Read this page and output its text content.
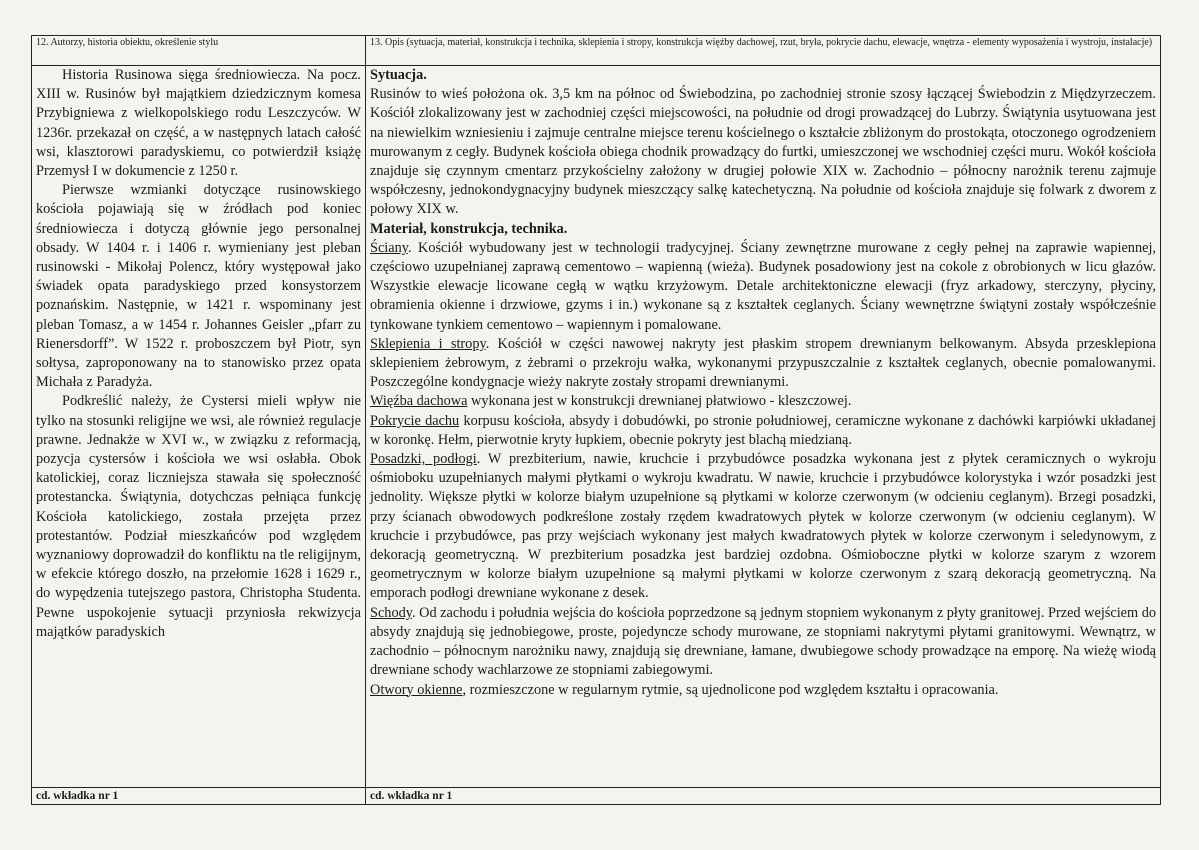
12. Autorzy, historia obiektu, określenie stylu

Historia Rusinowa sięga średniowiecza. Na pocz. XIII w. Rusinów był majątkiem dziedzicznym komesa Przybigniewa z wielkopolskiego rodu Leszczyców. W 1236r. przekazał on część, a w następnych latach całość wsi, klasztorowi paradyskiemu, co potwierdził książę Przemysł I w dokumencie z 1250 r.

Pierwsze wzmianki dotyczące rusinowskiego kościoła pojawiają się w źródłach pod koniec średniowiecza i dotyczą głównie jego personalnej obsady. W 1404 r. i 1406 r. wymieniany jest pleban rusinowski - Mikołaj Polencz, który występował jako świadek opata paradyskiego przed konsystorzem poznańskim. Następnie, w 1421 r. wspominany jest pleban Tomasz, a w 1454 r. Johannes Geisler „pfarr zu Rienersdorff”. W 1522 r. proboszczem był Piotr, syn sołtysa, zaproponowany na to stanowisko przez opata Michała z Paradyża.

Podkreślić należy, że Cystersi mieli wpływ nie tylko na stosunki religijne we wsi, ale również regulacje prawne. Jednakże w XVI w., w związku z reformacją, pozycja cystersów i kościoła we wsi osłabła. Obok katolickiej, coraz liczniejsza stawała się społeczność protestancka. Świątynia, dotychczas pełniąca funkcję Kościoła katolickiego, została przejęta przez protestantów. Podział mieszkańców pod względem wyznaniowy doprowadził do konfliktu na tle religijnym, w efekcie którego doszło, na przełomie 1628 i 1629 r., do wypędzenia tutejszego pastora, Christopha Studenta. Pewne uspokojenie sytuacji przyniosła rekwizycja majątków paradyskich

cd. wkładka nr 1
13. Opis (sytuacja, materiał, konstrukcja i technika, sklepienia i stropy, konstrukcja więźby dachowej, rzut, bryła, pokrycie dachu, elewacje, wnętrza - elementy wyposażenia i wystroju, instalacje)

Sytuacja.

Rusinów to wieś położona ok. 3,5 km na północ od Świebodzina, po zachodniej stronie szosy łączącej Świebodzin z Międzyrzeczem. Kościół zlokalizowany jest w zachodniej części miejscowości, na południe od drogi prowadzącej do Lubrzy. Świątynia usytuowana jest na niewielkim wzniesieniu i zajmuje centralne miejsce terenu kościelnego o kształcie zbliżonym do prostokąta, otoczonego ogrodzeniem murowanym z cegły. Budynek kościoła obiega chodnik prowadzący do furtki, umieszczonej we wschodniej części muru. Wokół kościoła znajduje się czynnym cmentarz przykościelny założony w drugiej połowie XIX w. Zachodnio – północny narożnik terenu zajmuje współczesny, jednokondygnacyjny budynek mieszczący salkę katechetyczną. Na południe od kościoła znajduje się folwark z dworem z połowy XIX w.

Materiał, konstrukcja, technika.

Ściany. Kościół wybudowany jest w technologii tradycyjnej. Ściany zewnętrzne murowane z cegły pełnej na zaprawie wapiennej, częściowo uzupełnianej zaprawą cementowo – wapienną (wieża). Budynek posadowiony jest na cokole z obrobionych w licu głazów. Wszystkie elewacje licowane cegłą w wątku krzyżowym. Detale architektoniczne elewacji (fryz arkadowy, sterczyny, płyciny, obramienia okienne i drzwiowe, gzyms i in.) wykonane są z kształtek ceglanych. Ściany wewnętrzne świątyni zostały współcześnie tynkowane tynkiem cementowo – wapiennym i pomalowane.

Sklepienia i stropy. Kościół w części nawowej nakryty jest płaskim stropem drewnianym belkowanym. Absyda przesklepiona sklepieniem żebrowym, z żebrami o przekroju wałka, wykonanymi przypuszczalnie z kształtek ceglanych, obecnie pomalowanymi. Poszczególne kondygnacje wieży nakryte zostały stropami drewnianymi.

Więźba dachowa wykonana jest w konstrukcji drewnianej płatwiowo - kleszczowej.

Pokrycie dachu korpusu kościoła, absydy i dobudówki, po stronie południowej, ceramiczne wykonane z dachówki karpiówki układanej w koronkę. Hełm, pierwotnie kryty łupkiem, obecnie pokryty jest blachą miedzianą.

Posadzki, podłogi. W prezbiterium, nawie, kruchcie i przybudówce posadzka wykonana jest z płytek ceramicznych o wykroju ośmioboku uzupełnianych małymi płytkami o wykroju kwadratu. W nawie, kruchcie i przybudówce kolorystyka i wzór posadzki jest jednolity. Większe płytki w kolorze białym uzupełnione są płytkami w kolorze czerwonym (w odcieniu ceglanym). Brzegi posadzki, przy ścianach obwodowych podkreślone zostały rzędem kwadratowych płytek w kolorze czerwonym (w odcieniu ceglanym). W kruchcie i przybudówce, pas przy wejściach wykonany jest małych kwadratowych płytek w kolorze czerwonym i seledynowym, z dekoracją geometryczną. W prezbiterium posadzka jest bardziej ozdobna. Ośmioboczne płytki w kolorze szarym z wzorem geometrycznym w kolorze białym uzupełnione są małymi płytkami w kolorze czerwonym z szarą dekoracją geometryczną. Na emporach podłogi drewniane wykonane z desek.

Schody. Od zachodu i południa wejścia do kościoła poprzedzone są jednym stopniem wykonanym z płyty granitowej. Przed wejściem do absydy znajdują się jednobiegowe, proste, pojedyncze schody murowane, ze stopniami nakrytymi płytami granitowymi. Wewnątrz, w zachodnio – północnym narożniku nawy, znajdują się drewniane, łamane, dwubiegowe schody prowadzące na emporę. Na wieżę wiodą drewniane schody wachlarzowe ze stopniami zabiegowymi.

Otwory okienne, rozmieszczone w regularnym rytmie, są ujednolicone pod względem kształtu i opracowania.

cd. wkładka nr 1
